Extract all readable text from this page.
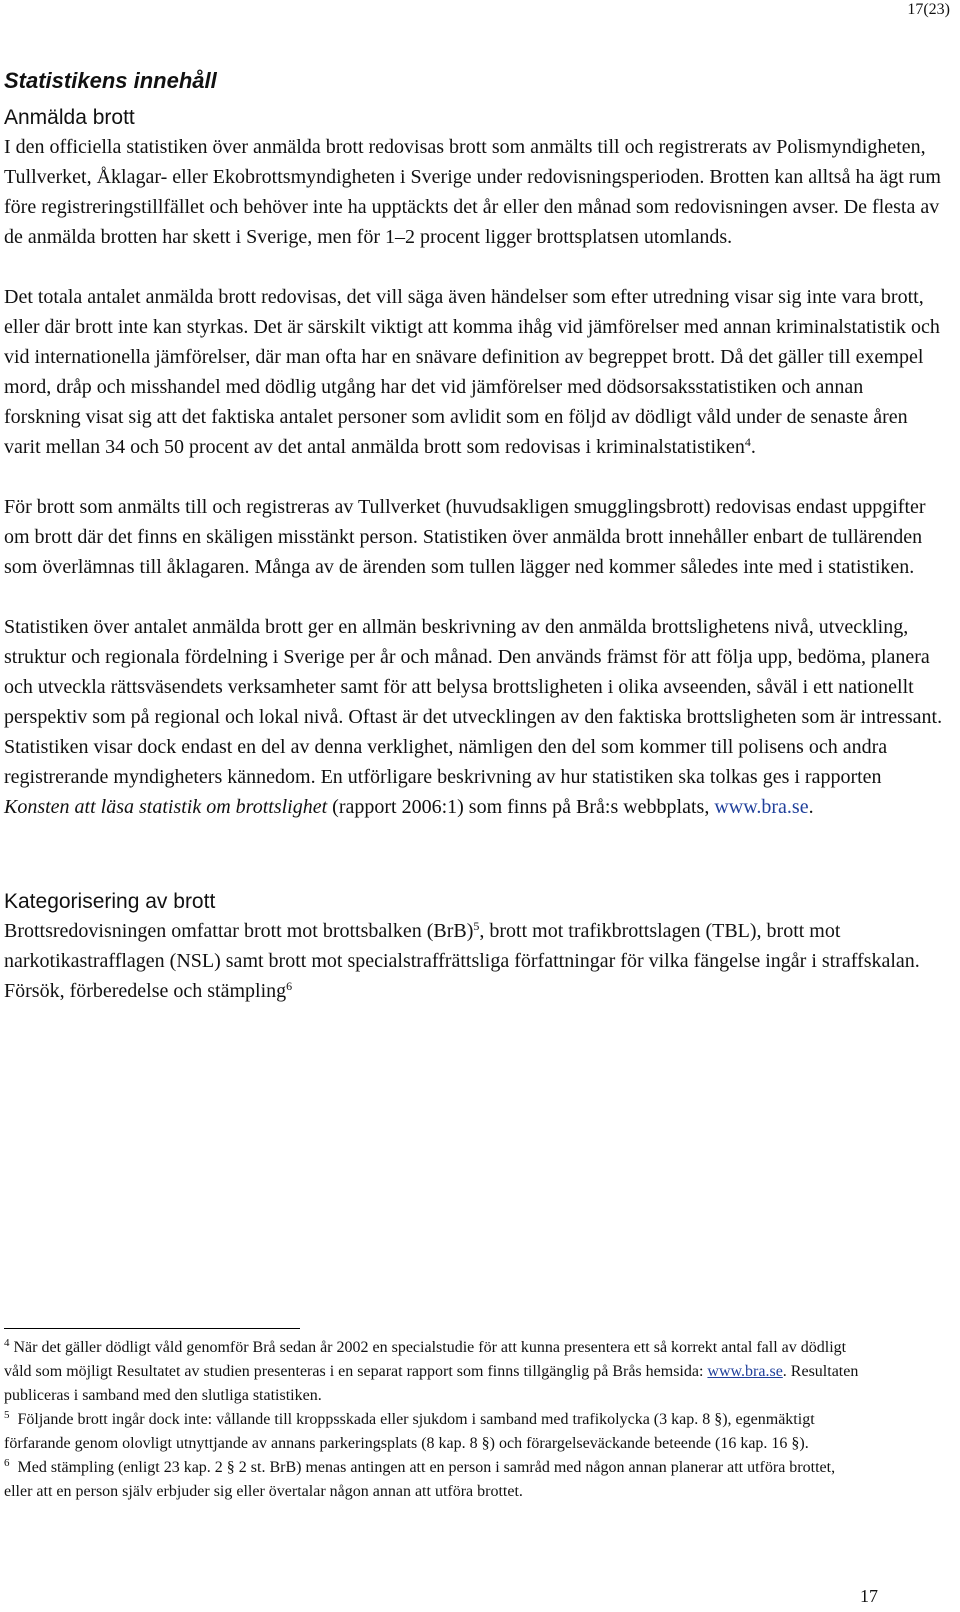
17(23)
Statistikens innehåll
Anmälda brott

I den officiella statistiken över anmälda brott redovisas brott som anmälts till och registrerats av Polismyndigheten, Tullverket, Åklagar- eller Ekobrottsmyndigheten i Sverige under redovisningsperioden. Brotten kan alltså ha ägt rum före registreringstillfället och behöver inte ha upptäckts det år eller den månad som redovisningen avser. De flesta av de anmälda brotten har skett i Sverige, men för 1–2 procent ligger brottsplatsen utomlands.

Det totala antalet anmälda brott redovisas, det vill säga även händelser som efter utredning visar sig inte vara brott, eller där brott inte kan styrkas. Det är särskilt viktigt att komma ihåg vid jämförelser med annan kriminalstatistik och vid internationella jämförelser, där man ofta har en snävare definition av begreppet brott. Då det gäller till exempel mord, dråp och misshandel med dödlig utgång har det vid jämförelser med dödsorsaksstatistiken och annan forskning visat sig att det faktiska antalet personer som avlidit som en följd av dödligt våld under de senaste åren varit mellan 34 och 50 procent av det antal anmälda brott som redovisas i kriminalstatistiken$^4$.

För brott som anmälts till och registreras av Tullverket (huvudsakligen smugglingsbrott) redovisas endast uppgifter om brott där det finns en skäligen misstänkt person. Statistiken över anmälda brott innehåller enbart de tullärenden som överlämnas till åklagaren. Många av de ärenden som tullen lägger ned kommer således inte med i statistiken.

Statistiken över antalet anmälda brott ger en allmän beskrivning av den anmälda brottslighetens nivå, utveckling, struktur och regionala fördelning i Sverige per år och månad. Den används främst för att följa upp, bedöma, planera och utveckla rättsväsendets verksamheter samt för att belysa brottsligheten i olika avseenden, såväl i ett nationellt perspektiv som på regional och lokal nivå. Oftast är det utvecklingen av den faktiska brottsligheten som är intressant. Statistiken visar dock endast en del av denna verklighet, nämligen den del som kommer till polisens och andra registrerande myndigheters kännedom. En utförligare beskrivning av hur statistiken ska tolkas ges i rapporten Konsten att läsa statistik om brottslighet (rapport 2006:1) som finns på Brå:s webbplats, www.bra.se.

Kategorisering av brott

Brottsredovisningen omfattar brott mot brottsbalken (BrB)$^5$, brott mot trafikbrottslagen (TBL), brott mot narkotikastrafflagen (NSL) samt brott mot specialstraffrättsliga författningar för vilka fängelse ingår i straffskalan. Försök, förberedelse och stämpling$^6$

$^4$ När det gäller dödligt våld genomför Brå sedan år 2002 en specialstudie för att kunna presentera ett så korrekt antal fall av dödligt våld som möjligt Resultatet av studien presenteras i en separat rapport som finns tillgänglig på Brås hemsida: www.bra.se. Resultaten publiceras i samband med den slutliga statistiken.

$^5$ Följande brott ingår dock inte: vållande till kroppsskada eller sjukdom i samband med trafikolycka (3 kap. 8 §), egenmäktigt förfarande genom olovligt utnyttjande av annans parkeringsplats (8 kap. 8 §) och förargelseväckande beteende (16 kap. 16 §).

$^6$ Med stämpling (enligt 23 kap. 2 § 2 st. BrB) menas antingen att en person i samråd med någon annan planerar att utföra brottet, eller att en person själv erbjuder sig eller övertalar någon annan att utföra brottet.

17
